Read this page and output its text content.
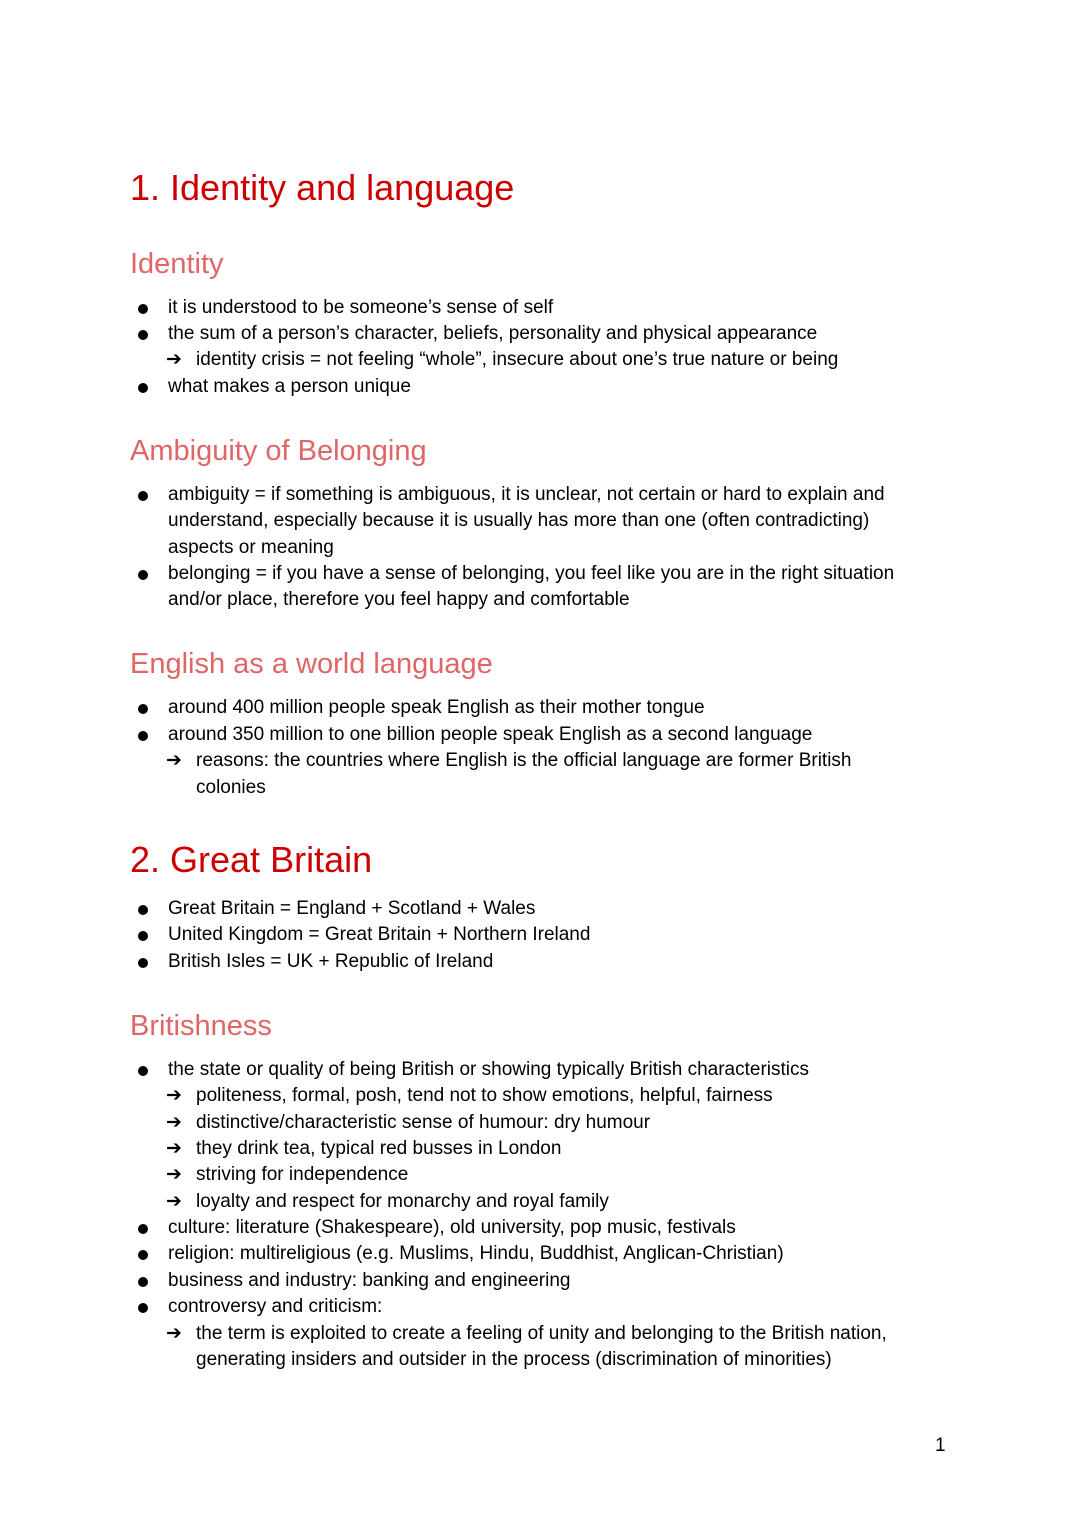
1. Identity and language
Identity

it is understood to be someone’s sense of self

the sum of a person’s character, beliefs, personality and physical appearance

➔ identity crisis = not feeling “whole”, insecure about one’s true nature or being

what makes a person unique

Ambiguity of Belonging

ambiguity = if something is ambiguous, it is unclear, not certain or hard to explain and

understand, especially because it is usually has more than one (often contradicting)

aspects or meaning

belonging = if you have a sense of belonging, you feel like you are in the right situation

and/or place, therefore you feel happy and comfortable

English as a world language

around 400 million people speak English as their mother tongue

around 350 million to one billion people speak English as a second language

➔ reasons: the countries where English is the official language are former British

colonies

2. Great Britain

Great Britain = England + Scotland + Wales

United Kingdom = Great Britain + Northern Ireland

British Isles = UK + Republic of Ireland

Britishness

the state or quality of being British or showing typically British characteristics

➔ politeness, formal, posh, tend not to show emotions, helpful, fairness

➔ distinctive/characteristic sense of humour: dry humour

➔ they drink tea, typical red busses in London

➔ striving for independence

➔ loyalty and respect for monarchy and royal family

culture: literature (Shakespeare), old university, pop music, festivals

religion: multireligious (e.g. Muslims, Hindu, Buddhist, Anglican-Christian)

business and industry: banking and engineering

controversy and criticism:

➔ the term is exploited to create a feeling of unity and belonging to the British nation,

generating insiders and outsider in the process (discrimination of minorities)

1
